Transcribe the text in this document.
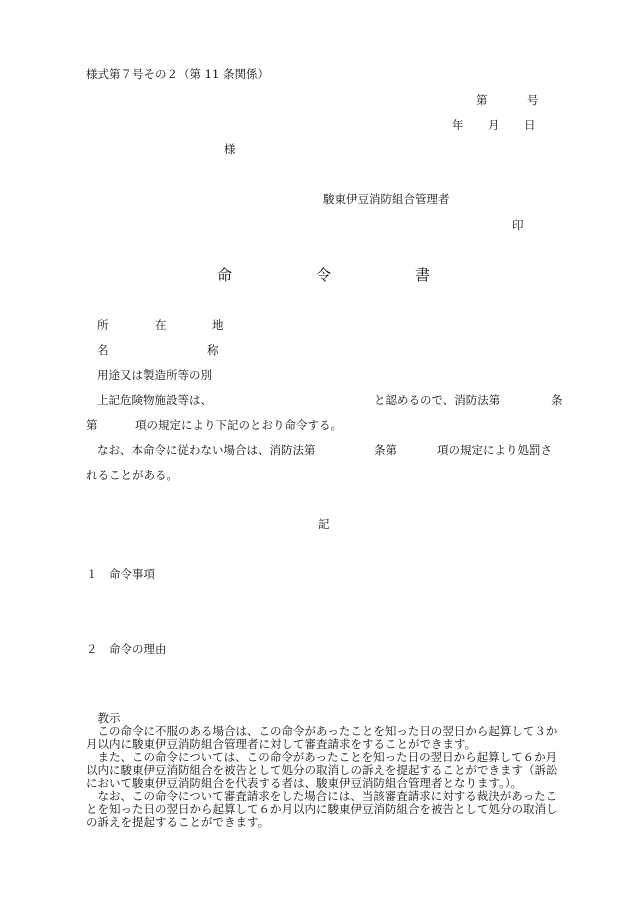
様式第７号その２（第 11 条関係）
第	号
年 月 日
様
駿東伊豆消防組合管理者
印
命	令	書
所	在	地
名	称
用途又は製造所等の別
上記危険物施設等は、	と認めるので、消防法第	条
第	項の規定により下記のとおり命令する。
なお、本命令に従わない場合は、消防法第	条第	項の規定により処罰さ
れることがある。
記
１　命令事項
２　命令の理由

教示

この命令に不服のある場合は、この命令があったことを知った日の翌日から起算して３か月以内に駿東伊豆消防組合管理者に対して審査請求をすることができます。

また、この命令については、この命令があったことを知った日の翌日から起算して６か月以内に駿東伊豆消防組合を被告として処分の取消しの訴えを提起することができます（訴訟において駿東伊豆消防組合を代表する者は、駿東伊豆消防組合管理者となります。）。

なお、この命令について審査請求をした場合には、当該審査請求に対する裁決があったことを知った日の翌日から起算して６か月以内に駿東伊豆消防組合を被告として処分の取消しの訴えを提起することができます。
